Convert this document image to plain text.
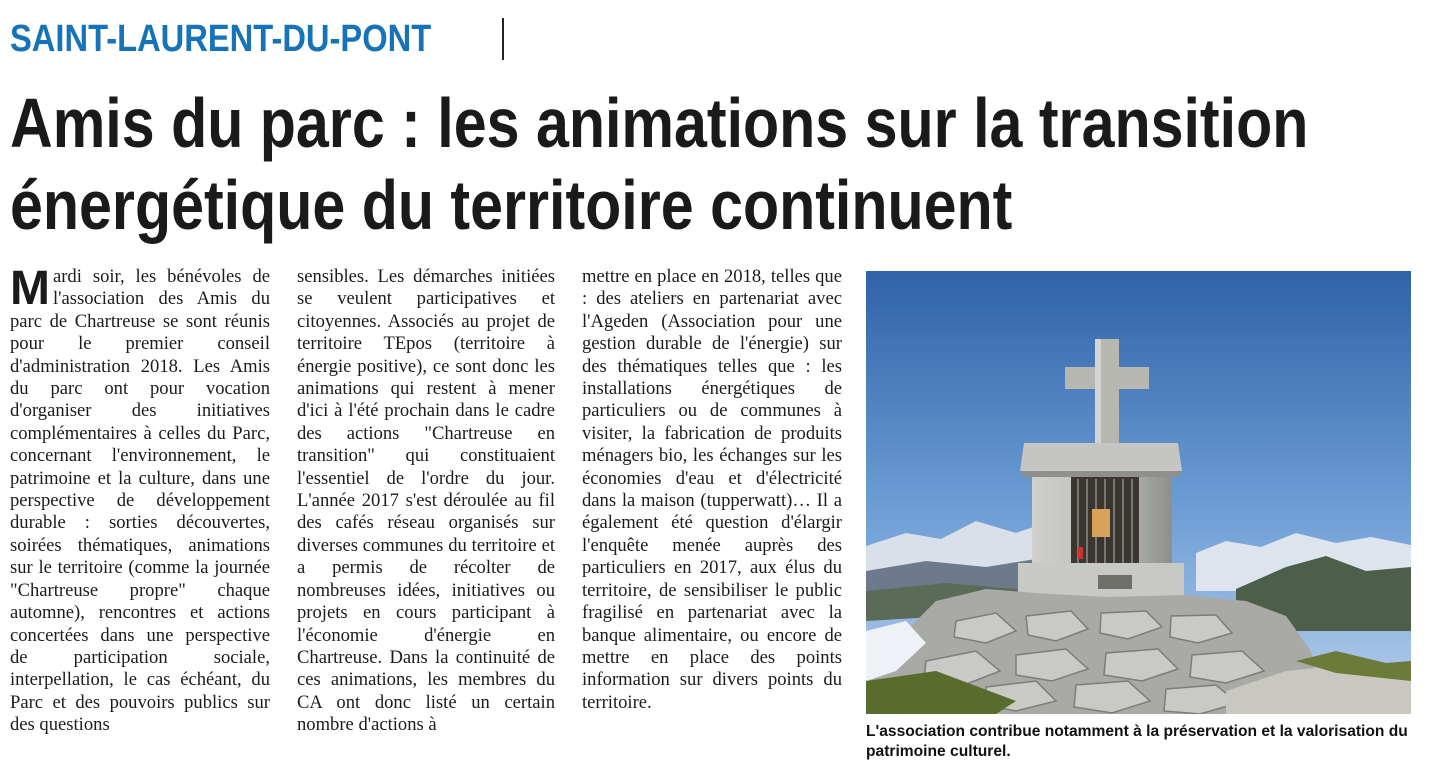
SAINT-LAURENT-DU-PONT
Amis du parc : les animations sur la transition
énergétique du territoire continuent

Mardi soir, les bénévoles de l'association des Amis du parc de Chartreuse se sont réunis pour le premier conseil d'administration 2018. Les Amis du parc ont pour vocation d'organiser des initiatives complémentaires à celles du Parc, concernant l'environnement, le patrimoine et la culture, dans une perspective de développement durable : sorties découvertes, soirées thématiques, animations sur le territoire (comme la journée "Chartreuse propre" chaque automne), rencontres et actions concertées dans une perspective de participation sociale, interpellation, le cas échéant, du Parc et des pouvoirs publics sur des questions

sensibles. Les démarches initiées se veulent participatives et citoyennes. Associés au projet de territoire TEpos (territoire à énergie positive), ce sont donc les animations qui restent à mener d'ici à l'été prochain dans le cadre des actions "Chartreuse en transition" qui constituaient l'essentiel de l'ordre du jour. L'année 2017 s'est déroulée au fil des cafés réseau organisés sur diverses communes du territoire et a permis de récolter de nombreuses idées, initiatives ou projets en cours participant à l'économie d'énergie en Chartreuse. Dans la continuité de ces animations, les membres du CA ont donc listé un certain nombre d'actions à

mettre en place en 2018, telles que : des ateliers en partenariat avec l'Ageden (Association pour une gestion durable de l'énergie) sur des thématiques telles que : les installations énergétiques de particuliers ou de communes à visiter, la fabrication de produits ménagers bio, les échanges sur les économies d'eau et d'électricité dans la maison (tupperwatt)… Il a également été question d'élargir l'enquête menée auprès des particuliers en 2017, aux élus du territoire, de sensibiliser le public fragilisé en partenariat avec la banque alimentaire, ou encore de mettre en place des points information sur divers points du territoire.

L'association contribue notamment à la préservation et la valorisation du patrimoine culturel.
